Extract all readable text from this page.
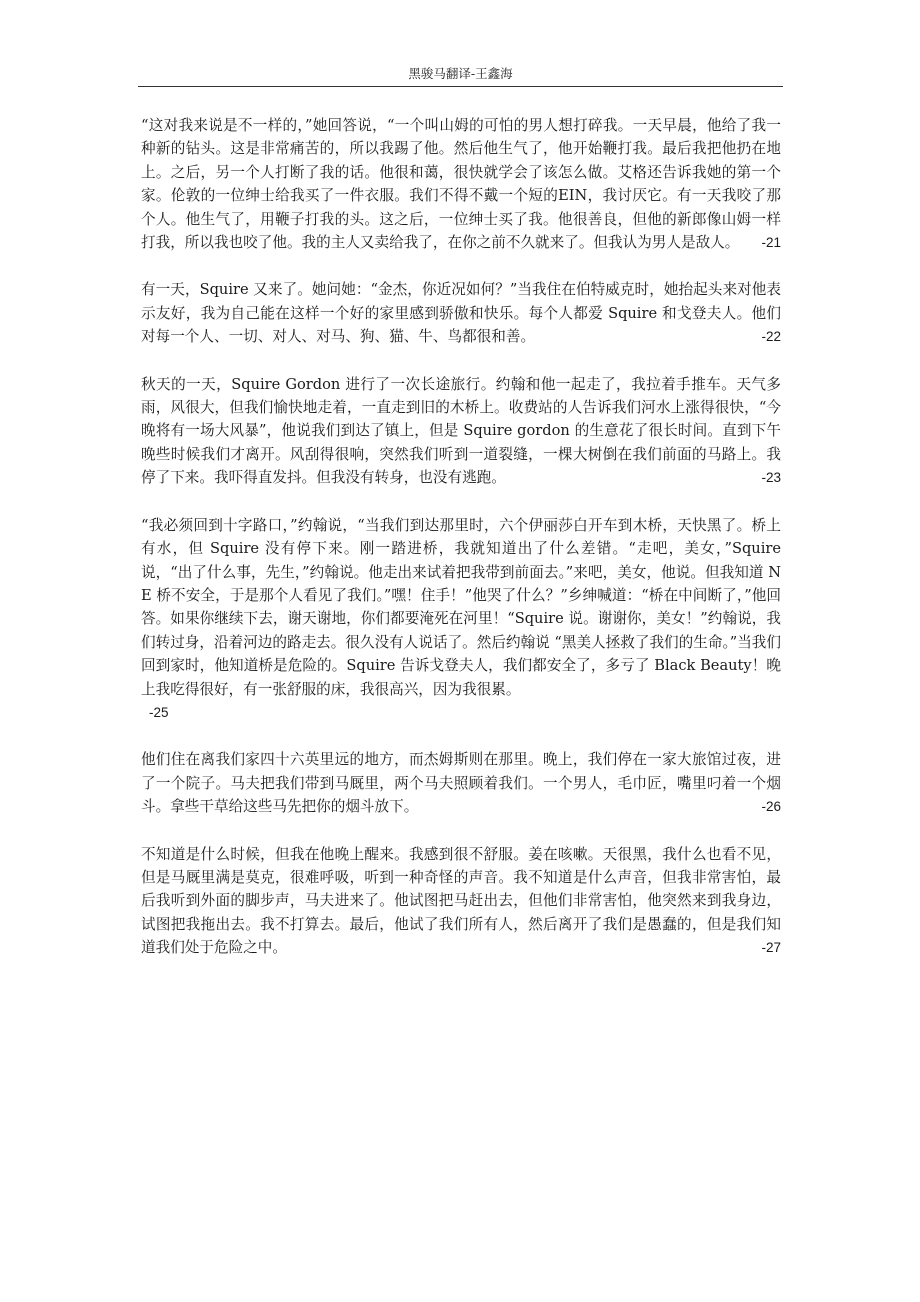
黑骏马翻译-王鑫海

“这对我来说是不一样的，”她回答说，“一个叫山姆的可怕的男人想打碎我。一天早晨，他给了我一种新的钻头。这是非常痛苦的，所以我踢了他。然后他生气了，他开始鞭打我。最后我把他扔在地上。之后，另一个人打断了我的话。他很和蔼，很快就学会了该怎么做。艾格还告诉我她的第一个家。伦敦的一位绅士给我买了一件衣服。我们不得不戴一个短的EIN，我讨厌它。有一天我咬了那个人。他生气了，用鞭子打我的头。这之后，一位绅士买了我。他很善良，但他的新郎像山姆一样打我，所以我也咬了他。我的主人又卖给我了，在你之前不久就来了。但我认为男人是敌人。 -21

有一天，Squire 又来了。她问她：“金杰，你近况如何？”当我住在伯特威克时，她抬起头来对他表示友好，我为自己能在这样一个好的家里感到骄傲和快乐。每个人都爱 Squire 和戈登夫人。他们对每一个人、一切、对人、对马、狗、猫、牛、鸟都很和善。	-22

秋天的一天，Squire Gordon 进行了一次长途旅行。约翰和他一起走了，我拉着手推车。天气多雨，风很大，但我们愉快地走着，一直走到旧的木桥上。收费站的人告诉我们河水上涨得很快，“今晚将有一场大风暴”，他说我们到达了镇上，但是 Squire gordon 的生意花了很长时间。直到下午晚些时候我们才离开。风刮得很响，突然我们听到一道裂缝，一棵大树倒在我们前面的马路上。我停了下来。我吓得直发抖。但我没有转身，也没有逃跑。	-23

“我必须回到十字路口，”约翰说，“当我们到达那里时，六个伊丽莎白开车到木桥，天快黑了。桥上有水，但 Squire 没有停下来。刚一踏进桥，我就知道出了什么差错。“走吧，美女，”Squire 说，“出了什么事，先生，”约翰说。他走出来试着把我带到前面去。”来吧，美女，他说。但我知道 NE 桥不安全，于是那个人看见了我们。”嘿！住手！”他哭了什么？”乡绅喊道：“桥在中间断了，”他回答。如果你继续下去，谢天谢地，你们都要淹死在河里！“Squire 说。谢谢你，美女！”约翰说，我们转过身，沿着河边的路走去。很久没有人说话了。然后约翰说 “黑美人拯救了我们的生命。”当我们回到家时，他知道桥是危险的。Squire 告诉戈登夫人，我们都安全了，多亏了 Black Beauty！晚上我吃得很好，有一张舒服的床，我很高兴，因为我很累。
-25

他们住在离我们家四十六英里远的地方，而杰姆斯则在那里。晚上，我们停在一家大旅馆过夜，进了一个院子。马夫把我们带到马厩里，两个马夫照顾着我们。一个男人，毛巾匠，嘴里叼着一个烟斗。拿些干草给这些马先把你的烟斗放下。	-26

不知道是什么时候，但我在他晚上醒来。我感到很不舒服。姜在咳嗽。天很黑，我什么也看不见，但是马厩里满是莫克，很难呼吸，听到一种奇怪的声音。我不知道是什么声音，但我非常害怕，最后我听到外面的脚步声，马夫进来了。他试图把马赶出去，但他们非常害怕，他突然来到我身边，试图把我拖出去。我不打算去。最后，他试了我们所有人，然后离开了我们是愚蠢的，但是我们知道我们处于危险之中。	-27
